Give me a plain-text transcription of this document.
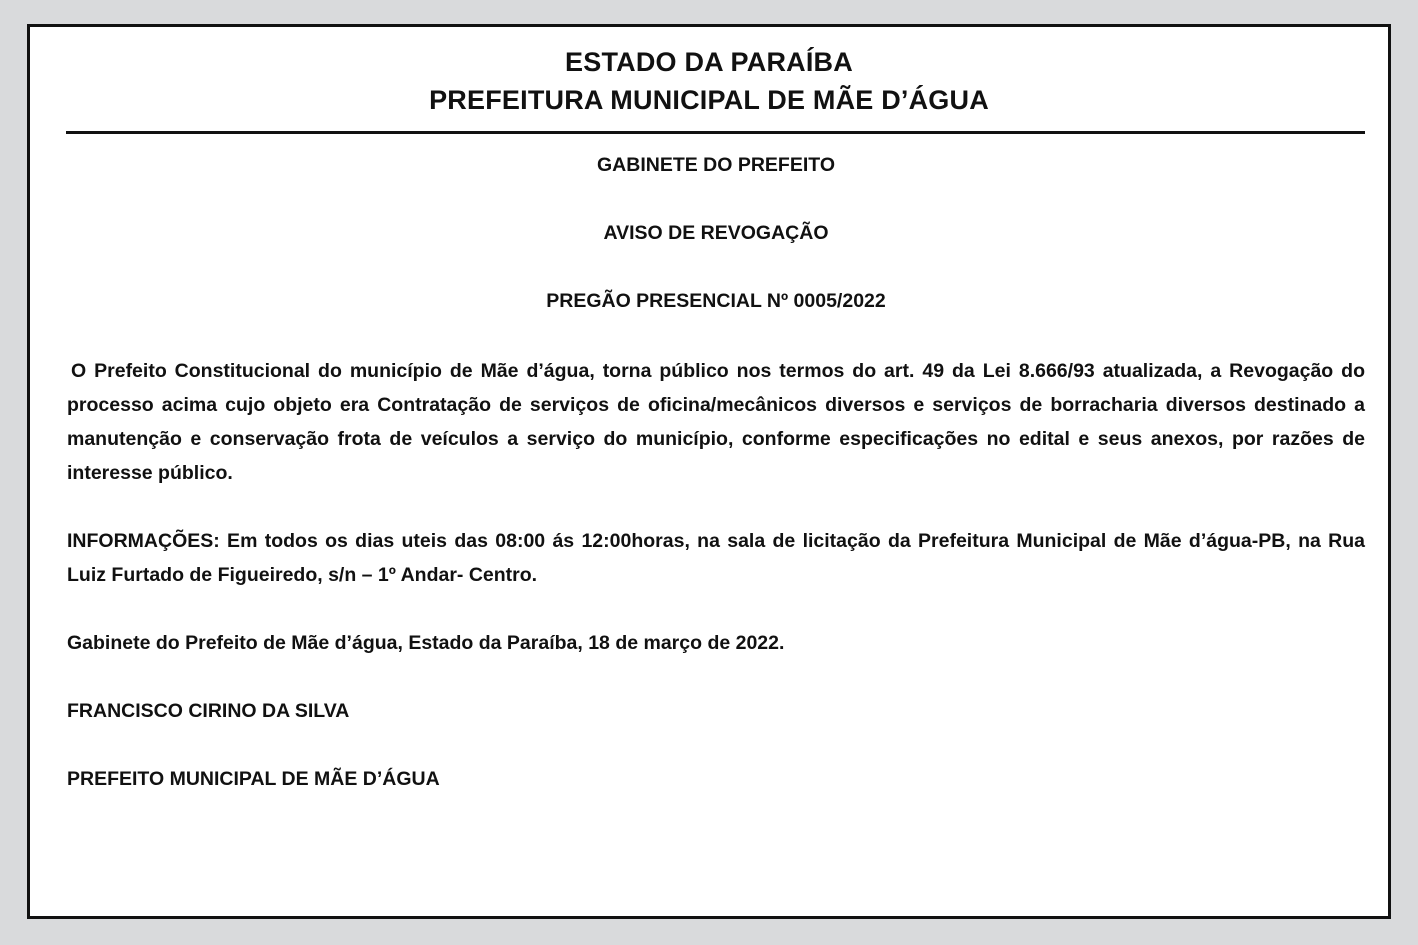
ESTADO DA PARAÍBA
PREFEITURA MUNICIPAL DE MÃE D’ÁGUA
GABINETE DO PREFEITO
AVISO DE REVOGAÇÃO
PREGÃO PRESENCIAL Nº 0005/2022

O Prefeito Constitucional do município de Mãe d’água, torna público nos termos do art. 49 da Lei 8.666/93 atualizada, a Revogação do processo acima cujo objeto era Contratação de serviços de oficina/mecânicos diversos e serviços de borracharia diversos destinado a manutenção e conservação frota de veículos a serviço do município, conforme especificações no edital e seus anexos, por razões de interesse público.

INFORMAÇÕES: Em todos os dias uteis das 08:00 ás 12:00horas, na sala de licitação da Prefeitura Municipal de Mãe d’água-PB, na Rua Luiz Furtado de Figueiredo, s/n – 1º Andar- Centro.

Gabinete do Prefeito de Mãe d’água, Estado da Paraíba, 18 de março de 2022.
FRANCISCO CIRINO DA SILVA
PREFEITO MUNICIPAL DE MÃE D’ÁGUA
